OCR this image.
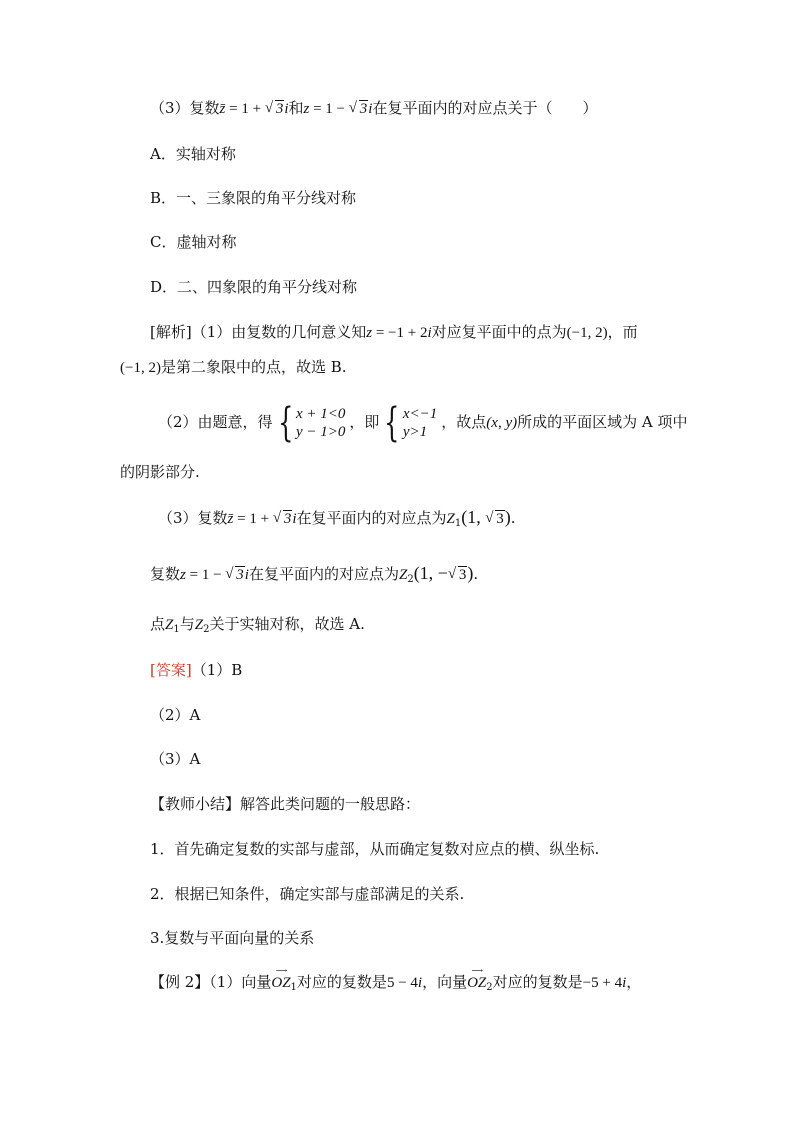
（3）复数z̄ = 1 + √ 3i和z = 1 − √ 3i在复平面内的对应点关于（　　）
A．实轴对称
B．一、三象限的角平分线对称
C．虚轴对称
D．二、四象限的角平分线对称
[解析]（1）由复数的几何意义知z = −1 + 2i对应复平面中的点为(−1, 2)，而
(−1, 2)是第二象限中的点，故选 B.
（2）由题意，得 { x + 1<0
y − 1>0
，即 { x<−1
y>1
，故点(x, y)所成的平面区域为 A 项中
的阴影部分.
（3）复数z̄ = 1 + √ 3i在复平面内的对应点为$Z_1(1$, √ 3).
复数z = 1 − √ 3i在复平面内的对应点为$Z_2(1$, −√ 3).
点$Z_1$与$Z_2$关于实轴对称，故选 A.
[答案]（1）B
（2）A
（3）A
【教师小结】解答此类问题的一般思路：
1．首先确定复数的实部与虚部，从而确定复数对应点的横、纵坐标.
2．根据已知条件，确定实部与虚部满足的关系.
3.复数与平面向量的关系
【例 2】（1）向量
⟶
$OZ_1$对应的复数是5 − 4i，向量
⟶
$OZ_2$对应的复数是−5 + 4i，
